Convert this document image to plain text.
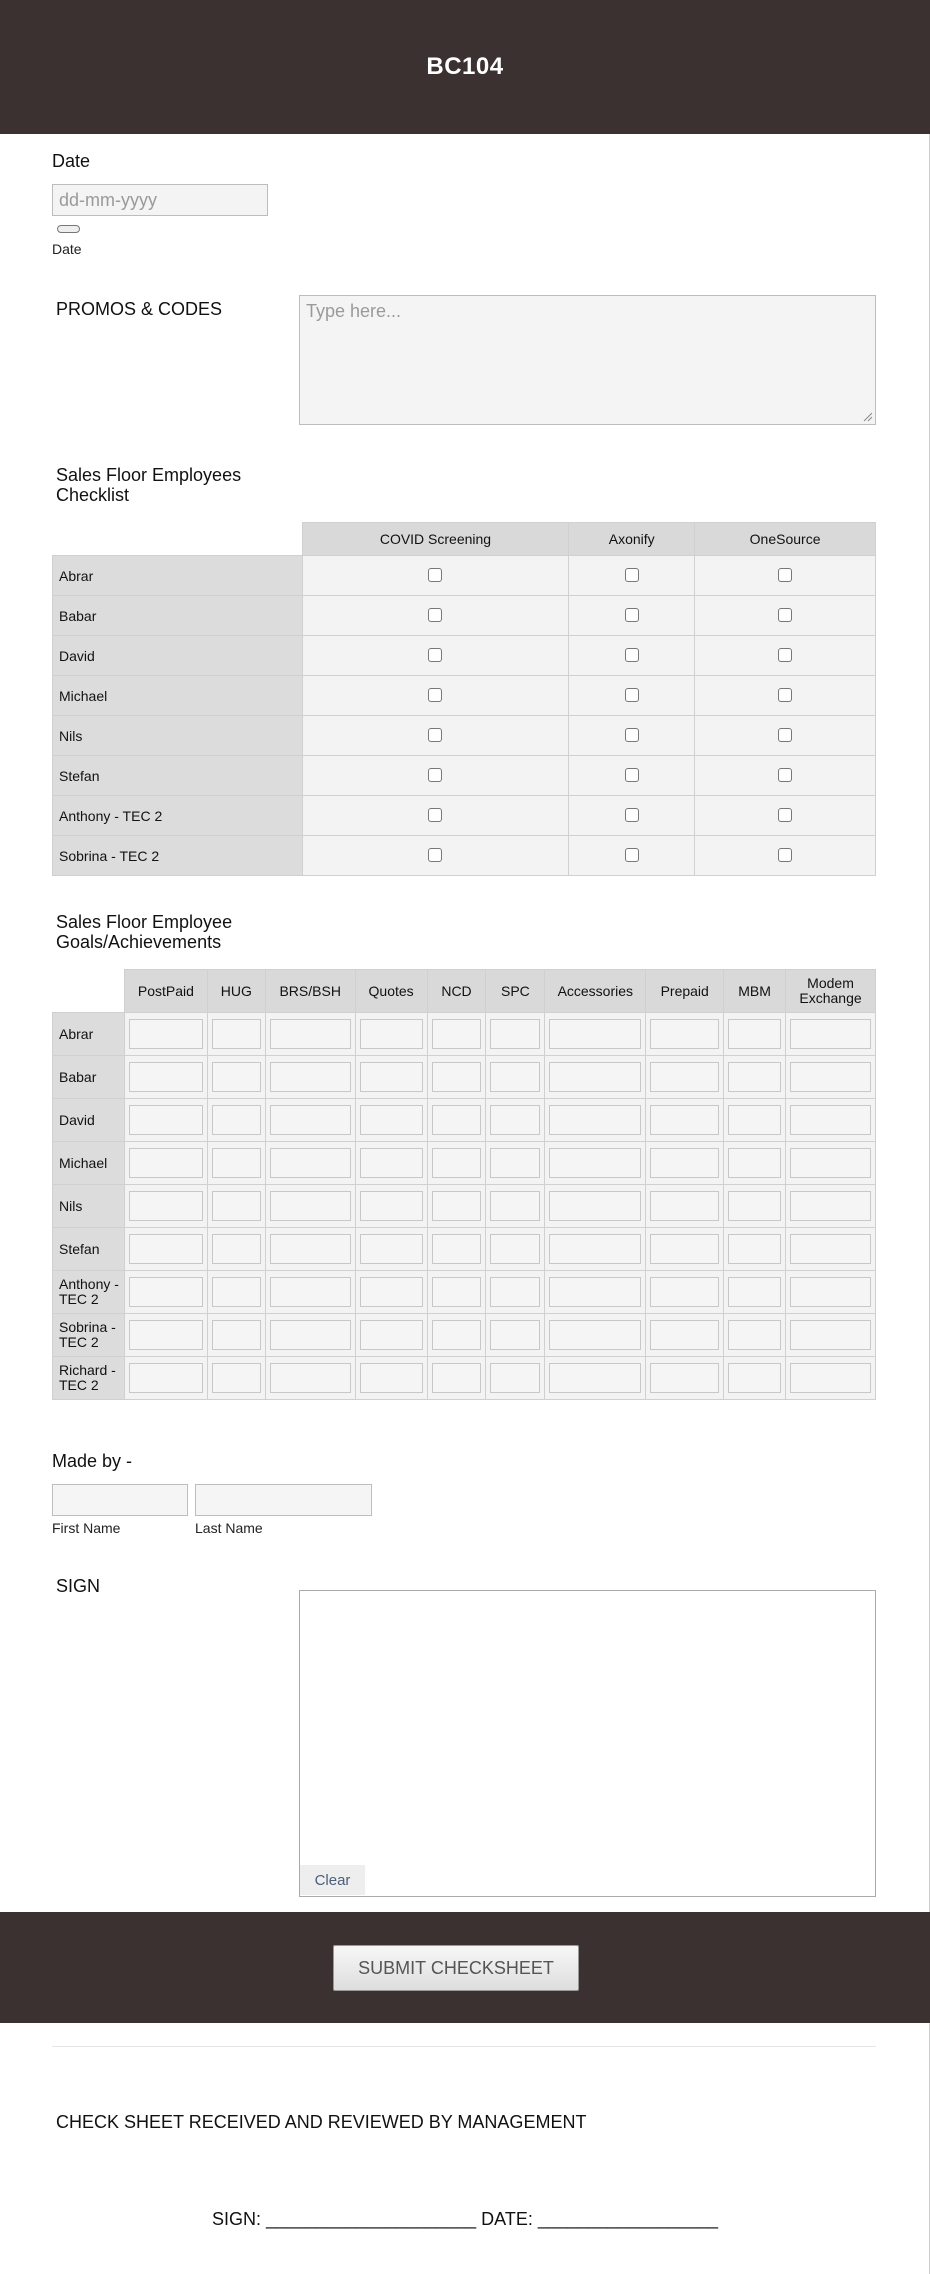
BC104
Date
dd-mm-yyyy
Date
PROMOS & CODES
Type here...
Sales Floor Employees Checklist
	COVID Screening	Axonify	OneSource
Abrar			
Babar			
David			
Michael			
Nils			
Stefan			
Anthony - TEC 2			
Sobrina - TEC 2			
Sales Floor Employee Goals/Achievements
	PostPaid	HUG	BRS/BSH	Quotes	NCD	SPC	Accessories	Prepaid	MBM	Modem Exchange
Abrar	

Babar	

David	

Michael	

Nils	

Stefan	

Anthony - TEC 2	

Sobrina - TEC 2	

Richard - TEC 2	

Made by -
First Name	Last Name
SIGN
Clear
SUBMIT CHECKSHEET
CHECK SHEET RECEIVED AND REVIEWED BY MANAGEMENT
SIGN: _____________________ DATE: __________________
